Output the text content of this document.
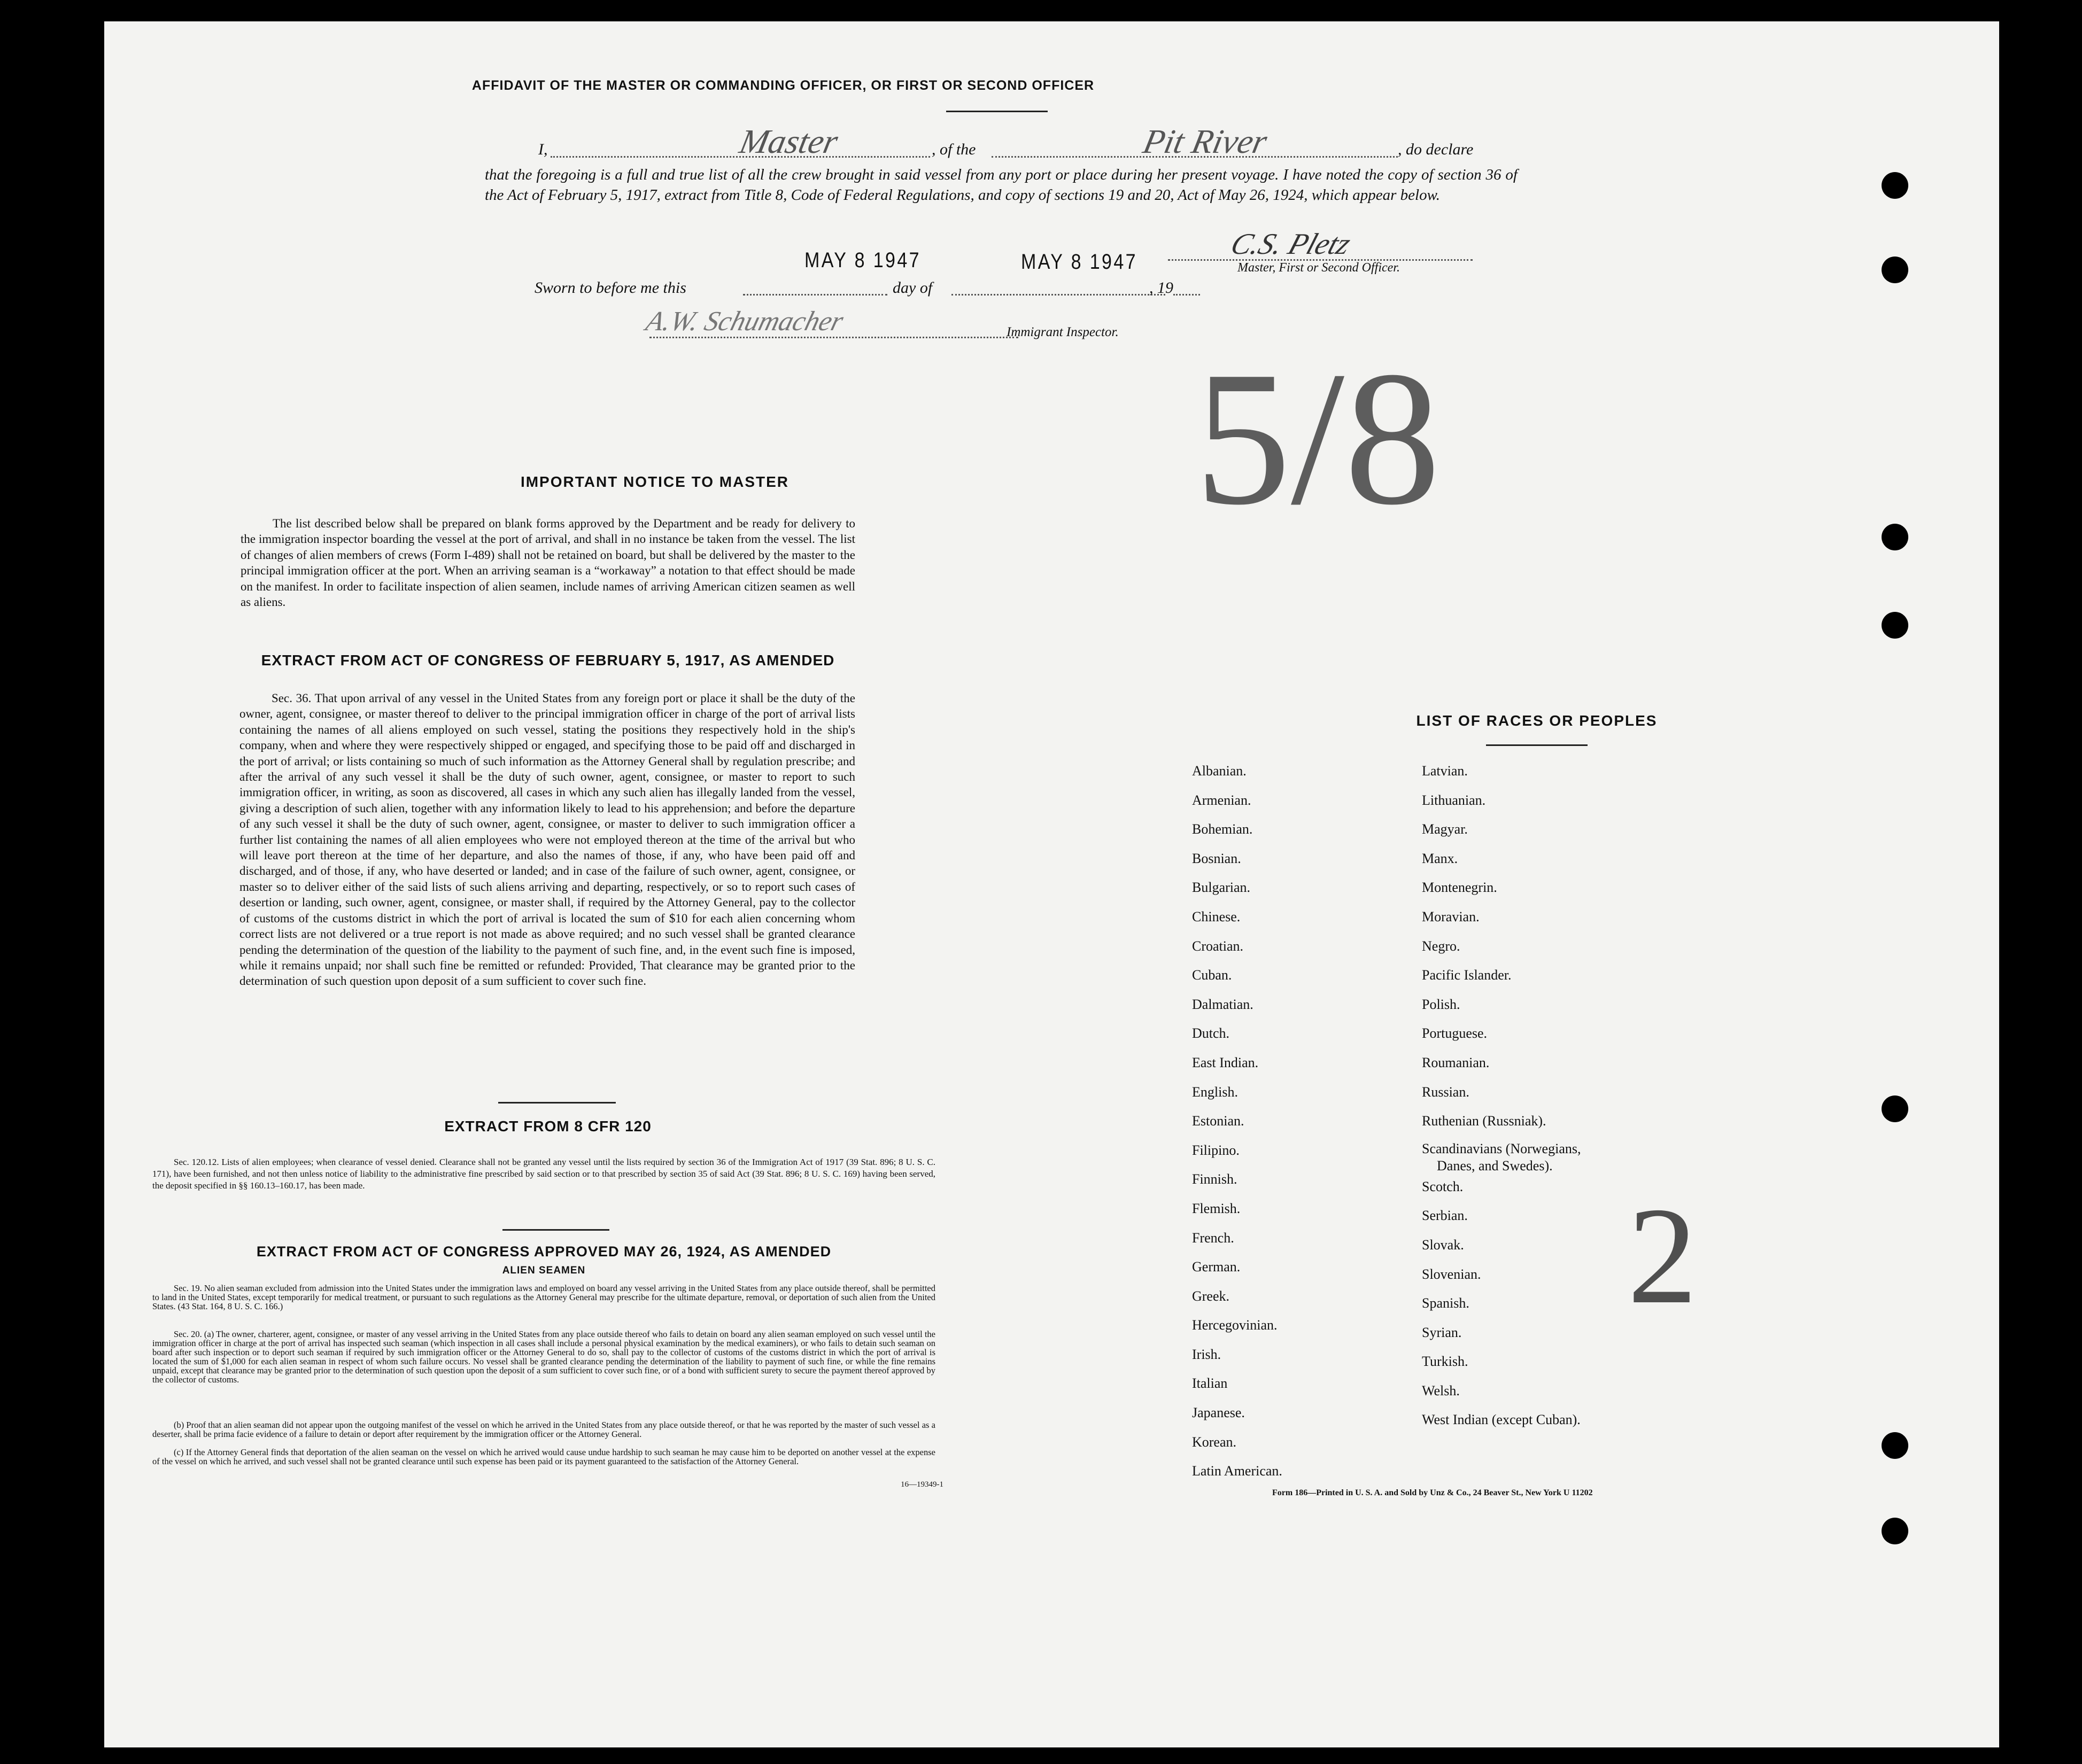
AFFIDAVIT OF THE MASTER OR COMMANDING OFFICER, OR FIRST OR SECOND OFFICER
I,	Master	, of the	Pit River	, do declare
that the foregoing is a full and true list of all the crew brought in said vessel from any port or place during her present voyage. I have noted the copy of section 36 of the Act of February 5, 1917, extract from Title 8, Code of Federal Regulations, and copy of sections 19 and 20, Act of May 26, 1924, which appear below.
MAY 8 1947	MAY 8 1947
C.S. Pletz
Master, First or Second Officer.
Sworn to before me this	day of	, 19
A.W. Schumacher	Immigrant Inspector. 5/8
2
IMPORTANT NOTICE TO MASTER
The list described below shall be prepared on blank forms approved by the Department and be ready for delivery to the immigration inspector boarding the vessel at the port of arrival, and shall in no instance be taken from the vessel. The list of changes of alien members of crews (Form I-489) shall not be retained on board, but shall be delivered by the master to the principal immigration officer at the port. When an arriving seaman is a “workaway” a notation to that effect should be made on the manifest. In order to facilitate inspection of alien seamen, include names of arriving American citizen seamen as well as aliens.
EXTRACT FROM ACT OF CONGRESS OF FEBRUARY 5, 1917, AS AMENDED
Sec. 36. That upon arrival of any vessel in the United States from any foreign port or place it shall be the duty of the owner, agent, consignee, or master thereof to deliver to the principal immigration officer in charge of the port of arrival lists containing the names of all aliens employed on such vessel, stating the positions they respectively hold in the ship's company, when and where they were respectively shipped or engaged, and specifying those to be paid off and discharged in the port of arrival; or lists containing so much of such information as the Attorney General shall by regulation prescribe; and after the arrival of any such vessel it shall be the duty of such owner, agent, consignee, or master to report to such immigration officer, in writing, as soon as discovered, all cases in which any such alien has illegally landed from the vessel, giving a description of such alien, together with any information likely to lead to his apprehension; and before the departure of any such vessel it shall be the duty of such owner, agent, consignee, or master to deliver to such immigration officer a further list containing the names of all alien employees who were not employed thereon at the time of the arrival but who will leave port thereon at the time of her departure, and also the names of those, if any, who have been paid off and discharged, and of those, if any, who have deserted or landed; and in case of the failure of such owner, agent, consignee, or master so to deliver either of the said lists of such aliens arriving and departing, respectively, or so to report such cases of desertion or landing, such owner, agent, consignee, or master shall, if required by the Attorney General, pay to the collector of customs of the customs district in which the port of arrival is located the sum of $10 for each alien concerning whom correct lists are not delivered or a true report is not made as above required; and no such vessel shall be granted clearance pending the determination of the question of the liability to the payment of such fine, and, in the event such fine is imposed, while it remains unpaid; nor shall such fine be remitted or refunded: Provided, That clearance may be granted prior to the determination of such question upon deposit of a sum sufficient to cover such fine.
EXTRACT FROM 8 CFR 120
Sec. 120.12. Lists of alien employees; when clearance of vessel denied. Clearance shall not be granted any vessel until the lists required by section 36 of the Immigration Act of 1917 (39 Stat. 896; 8 U. S. C. 171), have been furnished, and not then unless notice of liability to the administrative fine prescribed by said section or to that prescribed by section 35 of said Act (39 Stat. 896; 8 U. S. C. 169) having been served, the deposit specified in §§ 160.13–160.17, has been made.
EXTRACT FROM ACT OF CONGRESS APPROVED MAY 26, 1924, AS AMENDED
ALIEN SEAMEN
Sec. 19. No alien seaman excluded from admission into the United States under the immigration laws and employed on board any vessel arriving in the United States from any place outside thereof, shall be permitted to land in the United States, except temporarily for medical treatment, or pursuant to such regulations as the Attorney General may prescribe for the ultimate departure, removal, or deportation of such alien from the United States. (43 Stat. 164, 8 U. S. C. 166.)
Sec. 20. (a) The owner, charterer, agent, consignee, or master of any vessel arriving in the United States from any place outside thereof who fails to detain on board any alien seaman employed on such vessel until the immigration officer in charge at the port of arrival has inspected such seaman (which inspection in all cases shall include a personal physical examination by the medical examiners), or who fails to detain such seaman on board after such inspection or to deport such seaman if required by such immigration officer or the Attorney General to do so, shall pay to the collector of customs of the customs district in which the port of arrival is located the sum of $1,000 for each alien seaman in respect of whom such failure occurs. No vessel shall be granted clearance pending the determination of the liability to payment of such fine, or while the fine remains unpaid, except that clearance may be granted prior to the determination of such question upon the deposit of a sum sufficient to cover such fine, or of a bond with sufficient surety to secure the payment thereof approved by the collector of customs.
(b) Proof that an alien seaman did not appear upon the outgoing manifest of the vessel on which he arrived in the United States from any place outside thereof, or that he was reported by the master of such vessel as a deserter, shall be prima facie evidence of a failure to detain or deport after requirement by the immigration officer or the Attorney General.
(c) If the Attorney General finds that deportation of the alien seaman on the vessel on which he arrived would cause undue hardship to such seaman he may cause him to be deported on another vessel at the expense of the vessel on which he arrived, and such vessel shall not be granted clearance until such expense has been paid or its payment guaranteed to the satisfaction of the Attorney General.
16—19349-1
LIST OF RACES OR PEOPLES
Albanian.
Armenian.
Bohemian.
Bosnian.
Bulgarian.
Chinese.
Croatian.
Cuban.
Dalmatian.
Dutch.
East Indian.
English.
Estonian.
Filipino.
Finnish.
Flemish.
French.
German.
Greek.
Hercegovinian.
Irish.
Italian
Japanese.
Korean.
Latin American.
Latvian.
Lithuanian.
Magyar.
Manx.
Montenegrin.
Moravian.
Negro.
Pacific Islander.
Polish.
Portuguese.
Roumanian.
Russian.
Ruthenian (Russniak).
Scandinavians (Norwegians,
Danes, and Swedes).
Scotch.
Serbian.
Slovak.
Slovenian.
Spanish.
Syrian.
Turkish.
Welsh.
West Indian (except Cuban).
Form 186—Printed in U. S. A. and Sold by Unz & Co., 24 Beaver St., New York U 11202
